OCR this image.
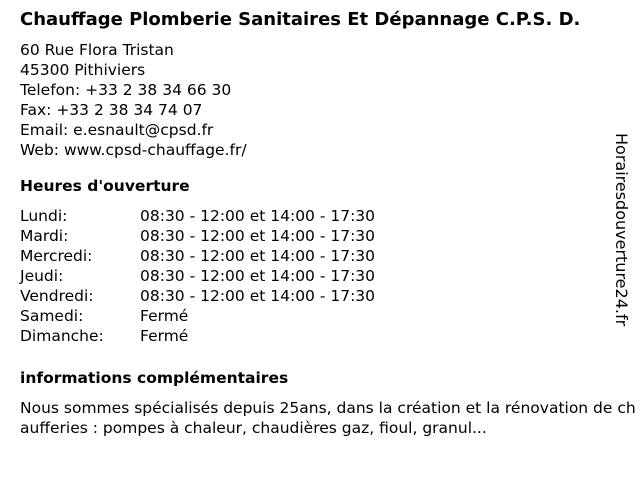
Chauffage Plomberie Sanitaires Et Dépannage C.P.S. D.
60 Rue Flora Tristan
45300 Pithiviers
Telefon: +33 2 38 34 66 30
Fax: +33 2 38 34 74 07
Email: e.esnault@cpsd.fr
Web: www.cpsd-chauffage.fr/
Heures d'ouverture
Lundi:	08:30 - 12:00 et 14:00 - 17:30
Mardi:	08:30 - 12:00 et 14:00 - 17:30
Mercredi:	08:30 - 12:00 et 14:00 - 17:30
Jeudi:	08:30 - 12:00 et 14:00 - 17:30
Vendredi:	08:30 - 12:00 et 14:00 - 17:30
Samedi:	Fermé
Dimanche:	Fermé
informations complémentaires
Nous sommes spécialisés depuis 25ans, dans la création et la rénovation de chaufferies : pompes à chaleur, chaudières gaz, fioul, granul...
Horairesdouverture24.fr
